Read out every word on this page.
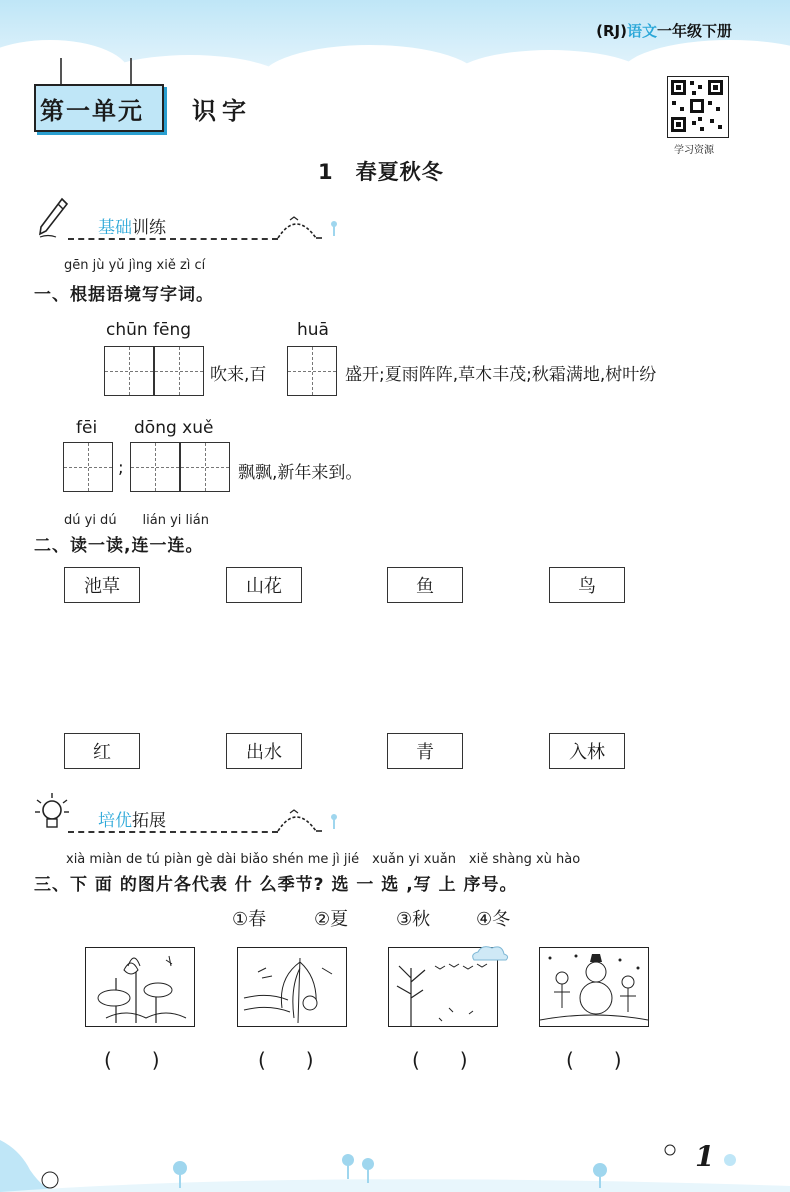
(RJ)语文一年级下册
第一单元 识字
学习资源
1　春夏秋冬
基础训练
gēn jù yǔ jìng xiě zì cí
一、根据语境写字词。
chūn fēng	huā
吹来,百	盛开;夏雨阵阵,草木丰茂;秋霜满地,树叶纷
fēi dōng xuě
;	飘飘,新年来到。
dú yi dú　　lián yi lián
二、读一读,连一连。
池草	山花	鱼	鸟
红	出水	青	入林
培优拓展
xià miàn de tú piàn gè dài biǎo shén me jì jié　xuǎn yi xuǎn　xiě shàng xù hào
三、下 面 的图片各代表 什 么季节? 选 一 选 ,写 上 序号。
①春	②夏	③秋	④冬
(　　)	(　　)	(　　)	(　　)
1
